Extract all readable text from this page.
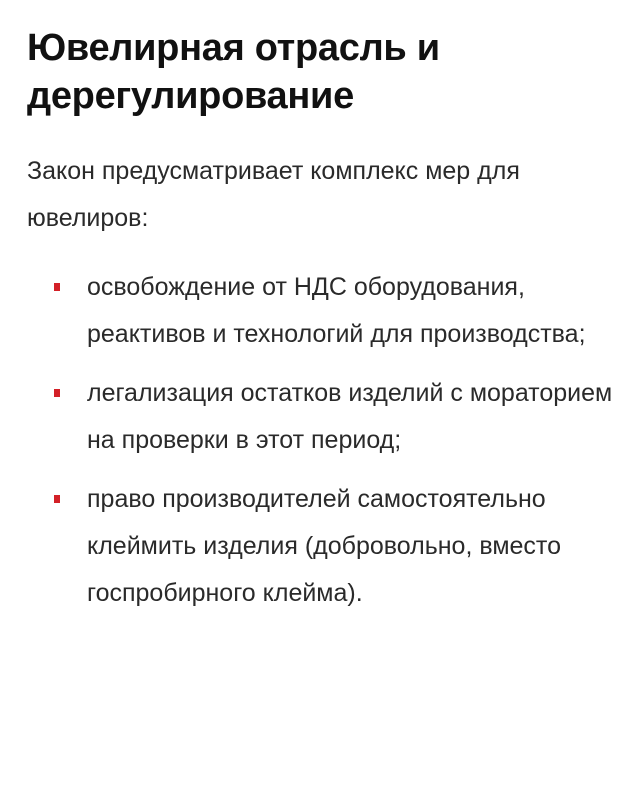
Ювелирная отрасль и дерегулирование

Закон предусматривает комплекс мер для ювелиров:

освобождение от НДС оборудования, реактивов и технологий для производства;
легализация остатков изделий с мораторием на проверки в этот период;
право производителей самостоятельно клеймить изделия (добровольно, вместо госпробирного клейма).
